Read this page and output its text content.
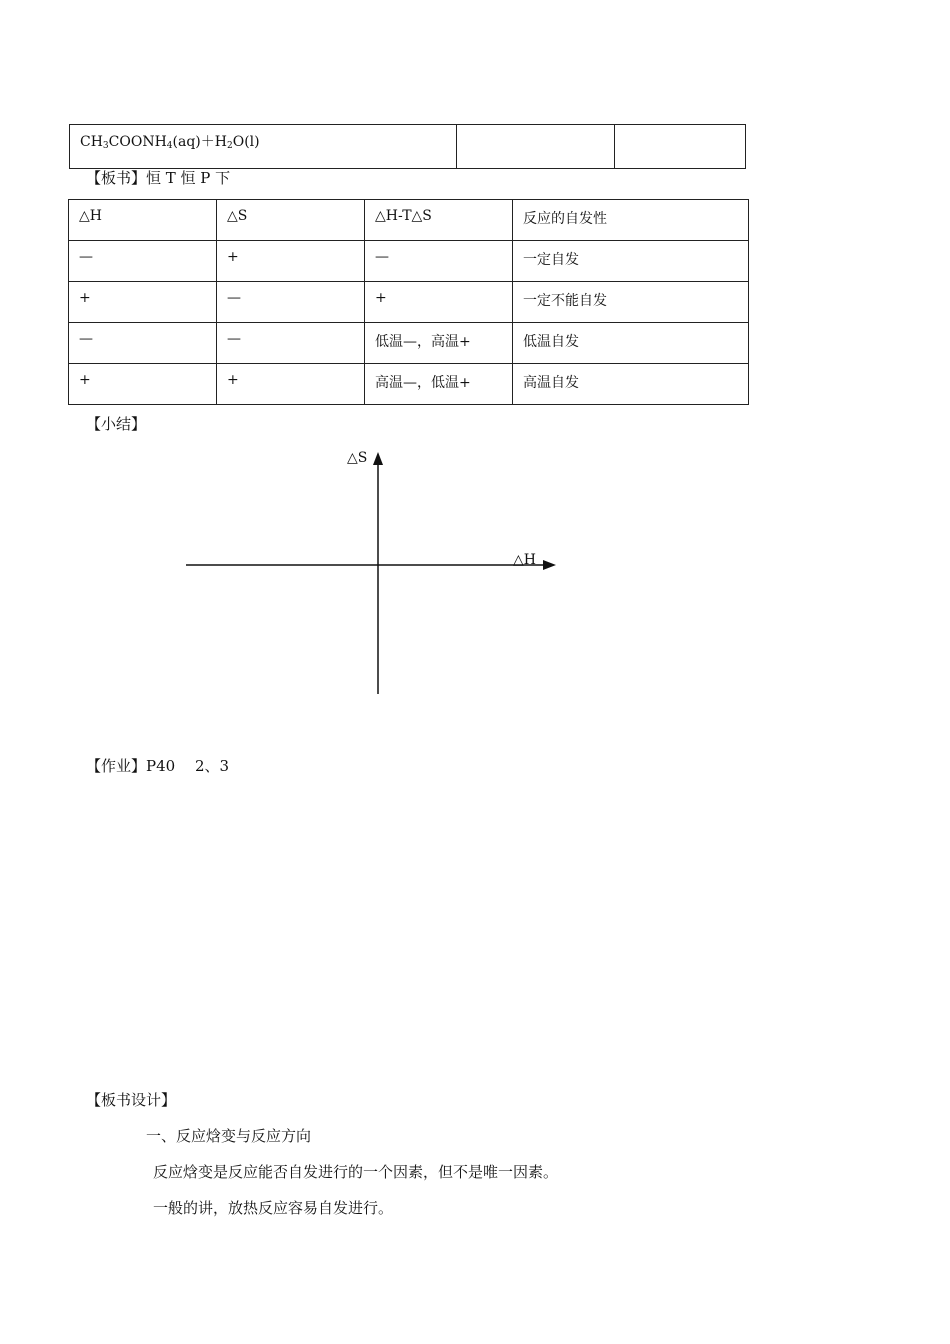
$CH_3COONH_4(aq)+H_2O(l)$		
【板书】恒 T 恒 P 下
△H	△S	△H-T△S	反应的自发性
—	+	—	一定自发
+	—	+	一定不能自发
—	—	低温—，高温+	低温自发
+	+	高温—，低温+	高温自发
【小结】
△S
△H
【作业】P40　 2、3
【板书设计】
一、反应焓变与反应方向
反应焓变是反应能否自发进行的一个因素，但不是唯一因素。
一般的讲，放热反应容易自发进行。
